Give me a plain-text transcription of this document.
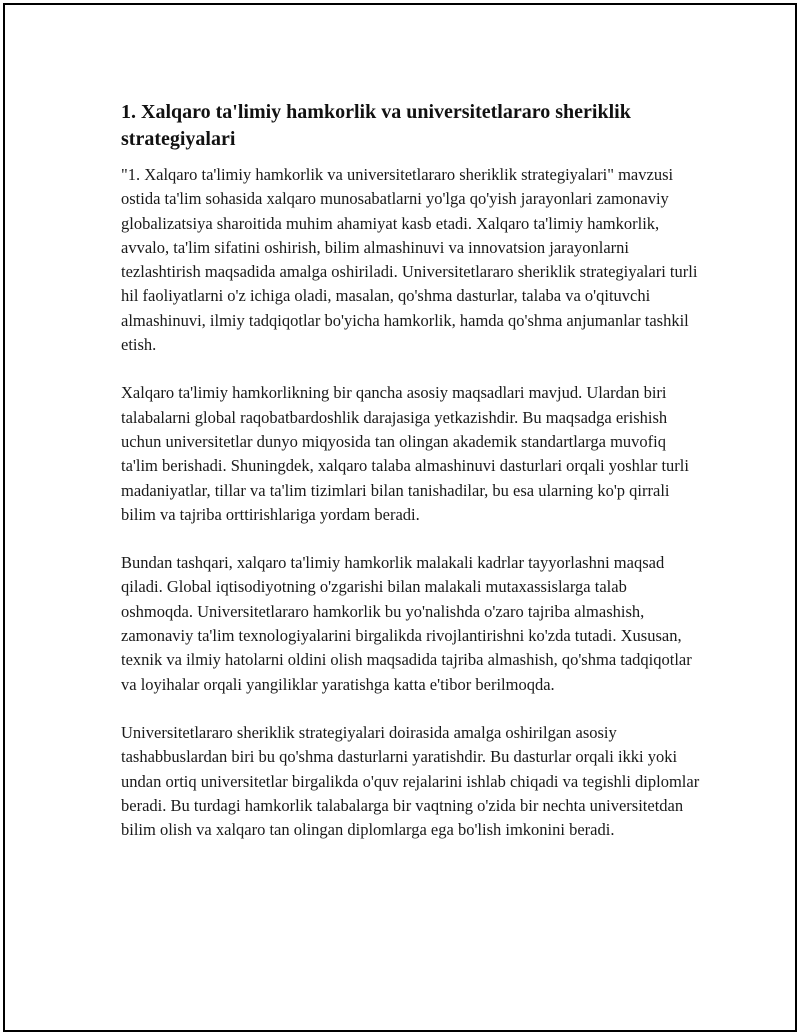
1. Xalqaro ta'limiy hamkorlik va universitetlararo sheriklik strategiyalari

"1. Xalqaro ta'limiy hamkorlik va universitetlararo sheriklik strategiyalari" mavzusi ostida ta'lim sohasida xalqaro munosabatlarni yo'lga qo'yish jarayonlari zamonaviy globalizatsiya sharoitida muhim ahamiyat kasb etadi. Xalqaro ta'limiy hamkorlik, avvalo, ta'lim sifatini oshirish, bilim almashinuvi va innovatsion jarayonlarni tezlashtirish maqsadida amalga oshiriladi. Universitetlararo sheriklik strategiyalari turli hil faoliyatlarni o'z ichiga oladi, masalan, qo'shma dasturlar, talaba va o'qituvchi almashinuvi, ilmiy tadqiqotlar bo'yicha hamkorlik, hamda qo'shma anjumanlar tashkil etish.

Xalqaro ta'limiy hamkorlikning bir qancha asosiy maqsadlari mavjud. Ulardan biri talabalarni global raqobatbardoshlik darajasiga yetkazishdir. Bu maqsadga erishish uchun universitetlar dunyo miqyosida tan olingan akademik standartlarga muvofiq ta'lim berishadi. Shuningdek, xalqaro talaba almashinuvi dasturlari orqali yoshlar turli madaniyatlar, tillar va ta'lim tizimlari bilan tanishadilar, bu esa ularning ko'p qirrali bilim va tajriba orttirishlariga yordam beradi.

Bundan tashqari, xalqaro ta'limiy hamkorlik malakali kadrlar tayyorlashni maqsad qiladi. Global iqtisodiyotning o'zgarishi bilan malakali mutaxassislarga talab oshmoqda. Universitetlararo hamkorlik bu yo'nalishda o'zaro tajriba almashish, zamonaviy ta'lim texnologiyalarini birgalikda rivojlantirishni ko'zda tutadi. Xususan, texnik va ilmiy hatolarni oldini olish maqsadida tajriba almashish, qo'shma tadqiqotlar va loyihalar orqali yangiliklar yaratishga katta e'tibor berilmoqda.

Universitetlararo sheriklik strategiyalari doirasida amalga oshirilgan asosiy tashabbuslardan biri bu qo'shma dasturlarni yaratishdir. Bu dasturlar orqali ikki yoki undan ortiq universitetlar birgalikda o'quv rejalarini ishlab chiqadi va tegishli diplomlar beradi. Bu turdagi hamkorlik talabalarga bir vaqtning o'zida bir nechta universitetdan bilim olish va xalqaro tan olingan diplomlarga ega bo'lish imkonini beradi.
